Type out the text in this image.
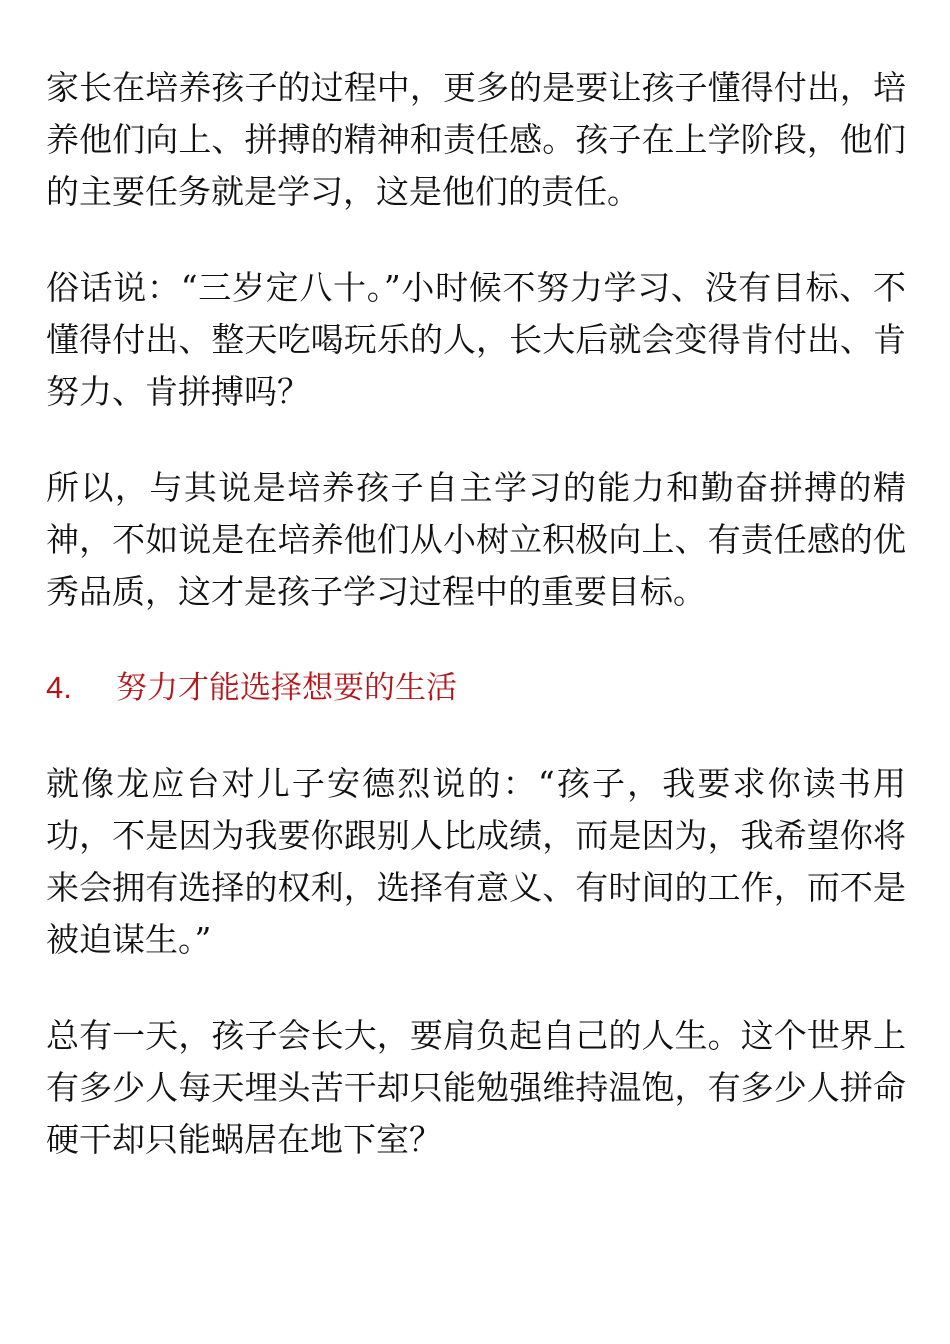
家长在培养孩子的过程中，更多的是要让孩子懂得付出，培养他们向上、拼搏的精神和责任感。孩子在上学阶段，他们的主要任务就是学习，这是他们的责任。

俗话说：“三岁定八十。”小时候不努力学习、没有目标、不懂得付出、整天吃喝玩乐的人，长大后就会变得肯付出、肯努力、肯拼搏吗？

所以，与其说是培养孩子自主学习的能力和勤奋拼搏的精神，不如说是在培养他们从小树立积极向上、有责任感的优秀品质，这才是孩子学习过程中的重要目标。

4.	努力才能选择想要的生活

就像龙应台对儿子安德烈说的：“孩子，我要求你读书用功，不是因为我要你跟别人比成绩，而是因为，我希望你将来会拥有选择的权利，选择有意义、有时间的工作，而不是被迫谋生。”

总有一天，孩子会长大，要肩负起自己的人生。这个世界上有多少人每天埋头苦干却只能勉强维持温饱，有多少人拼命硬干却只能蜗居在地下室？
